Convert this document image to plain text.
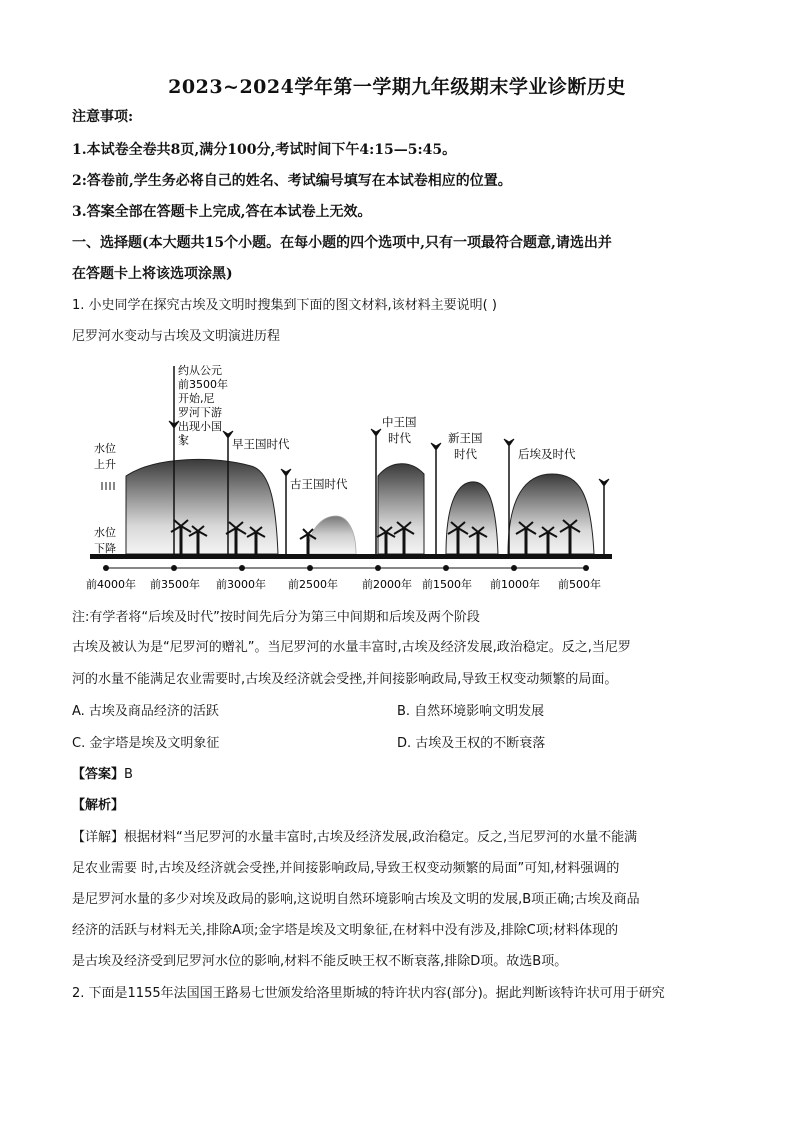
2023~2024学年第一学期九年级期末学业诊断历史
注意事项:
1.本试卷全卷共8页,满分100分,考试时间下午4:15—5:45。
2:答卷前,学生务必将自己的姓名、考试编号填写在本试卷相应的位置。
3.答案全部在答题卡上完成,答在本试卷上无效。
一、选择题(本大题共15个小题。在每小题的四个选项中,只有一项最符合题意,请选出并
在答题卡上将该选项涂黑)
1. 小史同学在探究古埃及文明时搜集到下面的图文材料,该材料主要说明( )
尼罗河水变动与古埃及文明演进历程
约从公元
前3500年
开始,尼
罗河下游
出现小国
家	早王国时代
古王国时代
中王国
时代	新王国
时代	后埃及时代
水位
上升
水位
下降
前4000年 前3500年 前3000年 前2500年 前2000年 前1500年 前1000年 前500年
注:有学者将“后埃及时代”按时间先后分为第三中间期和后埃及两个阶段
古埃及被认为是“尼罗河的赠礼”。当尼罗河的水量丰富时,古埃及经济发展,政治稳定。反之,当尼罗
河的水量不能满足农业需要时,古埃及经济就会受挫,并间接影响政局,导致王权变动频繁的局面。
A. 古埃及商品经济的活跃	B. 自然环境影响文明发展
C. 金字塔是埃及文明象征	D. 古埃及王权的不断衰落
【答案】B
【解析】
【详解】根据材料“当尼罗河的水量丰富时,古埃及经济发展,政治稳定。反之,当尼罗河的水量不能满
足农业需要 时,古埃及经济就会受挫,并间接影响政局,导致王权变动频繁的局面”可知,材料强调的
是尼罗河水量的多少对埃及政局的影响,这说明自然环境影响古埃及文明的发展,B项正确;古埃及商品
经济的活跃与材料无关,排除A项;金字塔是埃及文明象征,在材料中没有涉及,排除C项;材料体现的
是古埃及经济受到尼罗河水位的影响,材料不能反映王权不断衰落,排除D项。故选B项。
2. 下面是1155年法国国王路易七世颁发给洛里斯城的特许状内容(部分)。据此判断该特许状可用于研究
